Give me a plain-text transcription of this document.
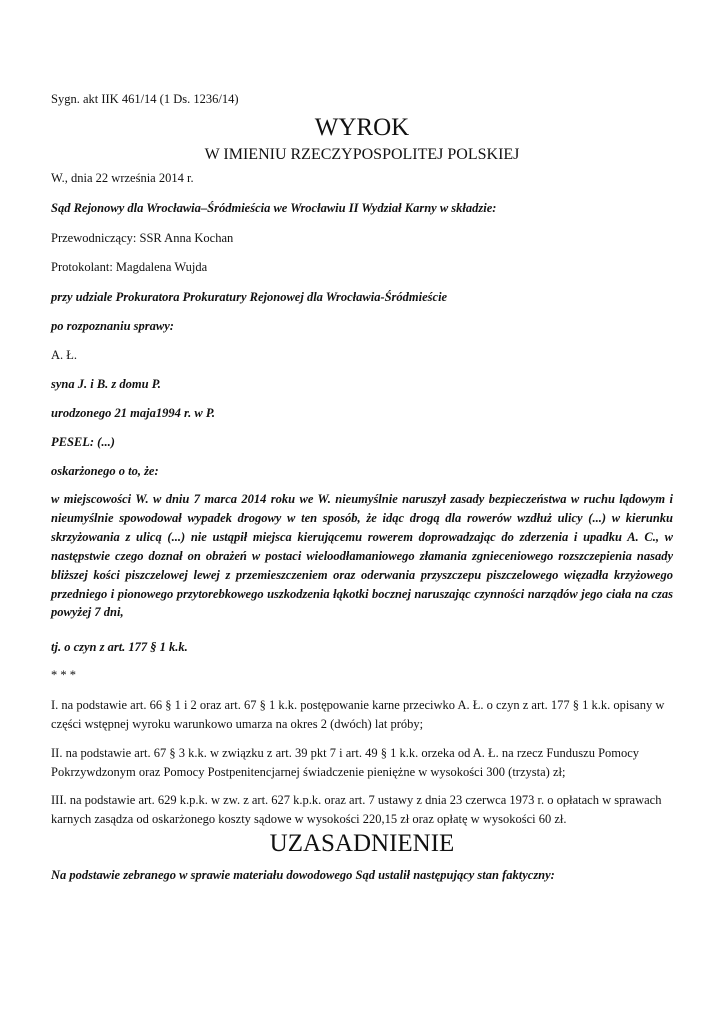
Sygn. akt IIK 461/14 (1 Ds. 1236/14)
WYROK
W IMIENIU RZECZYPOSPOLITEJ POLSKIEJ
W., dnia 22 września 2014 r.
Sąd Rejonowy dla Wrocławia–Śródmieścia we Wrocławiu II Wydział Karny w składzie:
Przewodniczący: SSR Anna Kochan
Protokolant: Magdalena Wujda
przy udziale Prokuratora Prokuratury Rejonowej dla Wrocławia-Śródmieście
po rozpoznaniu sprawy:
A. Ł.
syna J. i B. z domu P.
urodzonego 21 maja1994 r. w P.
PESEL: (...)
oskarżonego o to, że:
w miejscowości W. w dniu 7 marca 2014 roku we W. nieumyślnie naruszył zasady bezpieczeństwa w ruchu lądowym i nieumyślnie spowodował wypadek drogowy w ten sposób, że idąc drogą dla rowerów wzdłuż ulicy (...) w kierunku skrzyżowania z ulicą (...) nie ustąpił miejsca kierującemu rowerem doprowadzając do zderzenia i upadku A. C., w następstwie czego doznał on obrażeń w postaci wieloodłamaniowego złamania zgnieceniowego rozszczepienia nasady bliższej kości piszczelowej lewej z przemieszczeniem oraz oderwania przyszczepu piszczelowego więzadła krzyżowego przedniego i pionowego przytorebkowego uszkodzenia łąkotki bocznej naruszając czynności narządów jego ciała na czas powyżej 7 dni,
tj. o czyn z art. 177 § 1 k.k.
* * *
I. na podstawie art. 66 § 1 i 2 oraz art. 67 § 1 k.k. postępowanie karne przeciwko A. Ł. o czyn z art. 177 § 1 k.k. opisany w części wstępnej wyroku warunkowo umarza na okres 2 (dwóch) lat próby;
II. na podstawie art. 67 § 3 k.k. w związku z art. 39 pkt 7 i art. 49 § 1 k.k. orzeka od A. Ł. na rzecz Funduszu Pomocy Pokrzywdzonym oraz Pomocy Postpenitencjarnej świadczenie pieniężne w wysokości 300 (trzysta) zł;
III. na podstawie art. 629 k.p.k. w zw. z art. 627 k.p.k. oraz art. 7 ustawy z dnia 23 czerwca 1973 r. o opłatach w sprawach karnych zasądza od oskarżonego koszty sądowe w wysokości 220,15 zł oraz opłatę w wysokości 60 zł.
UZASADNIENIE
Na podstawie zebranego w sprawie materiału dowodowego Sąd ustalił następujący stan faktyczny:
